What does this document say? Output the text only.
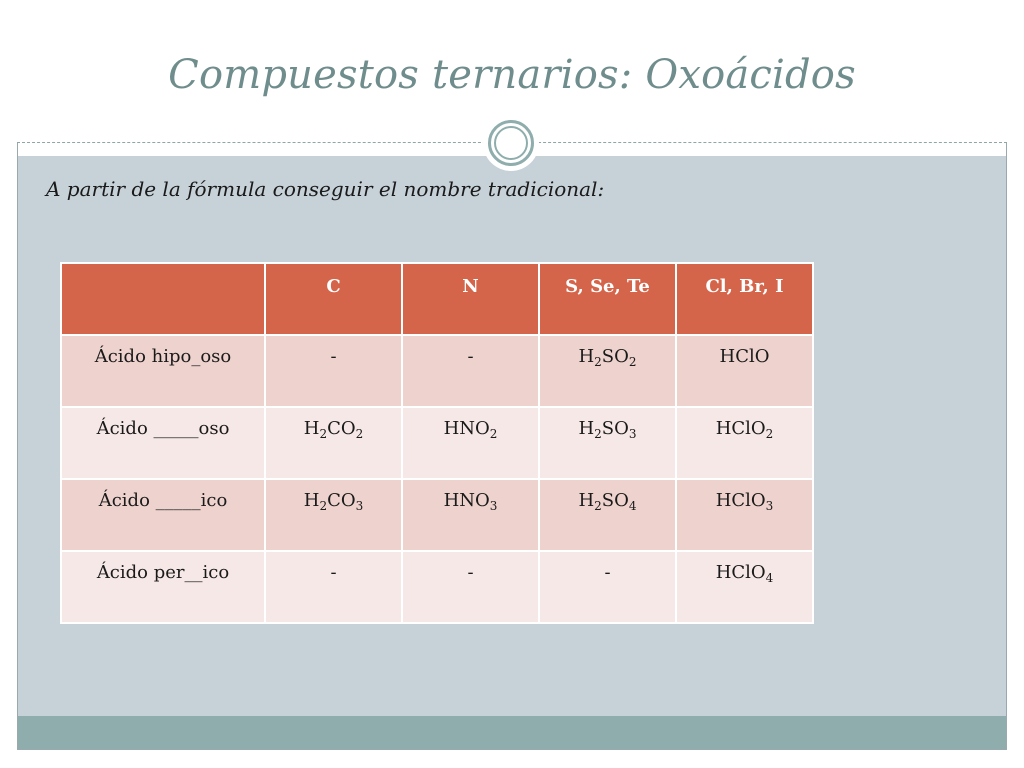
Compuestos ternarios: Oxoácidos
A partir de la fórmula conseguir el nombre tradicional:
	C	N	S, Se, Te	Cl, Br, I
Ácido hipo_oso	-	-	$H_2SO_2$	HClO
Ácido _____oso	$H_2CO_2$	$HNO_2$	$H_2SO_3$	HClO$_2$
Ácido _____ico	$H_2CO_3$	$HNO_3$	$H_2SO_4$	HClO$_3$
Ácido per__ico	-	-	-	HClO$_4$
